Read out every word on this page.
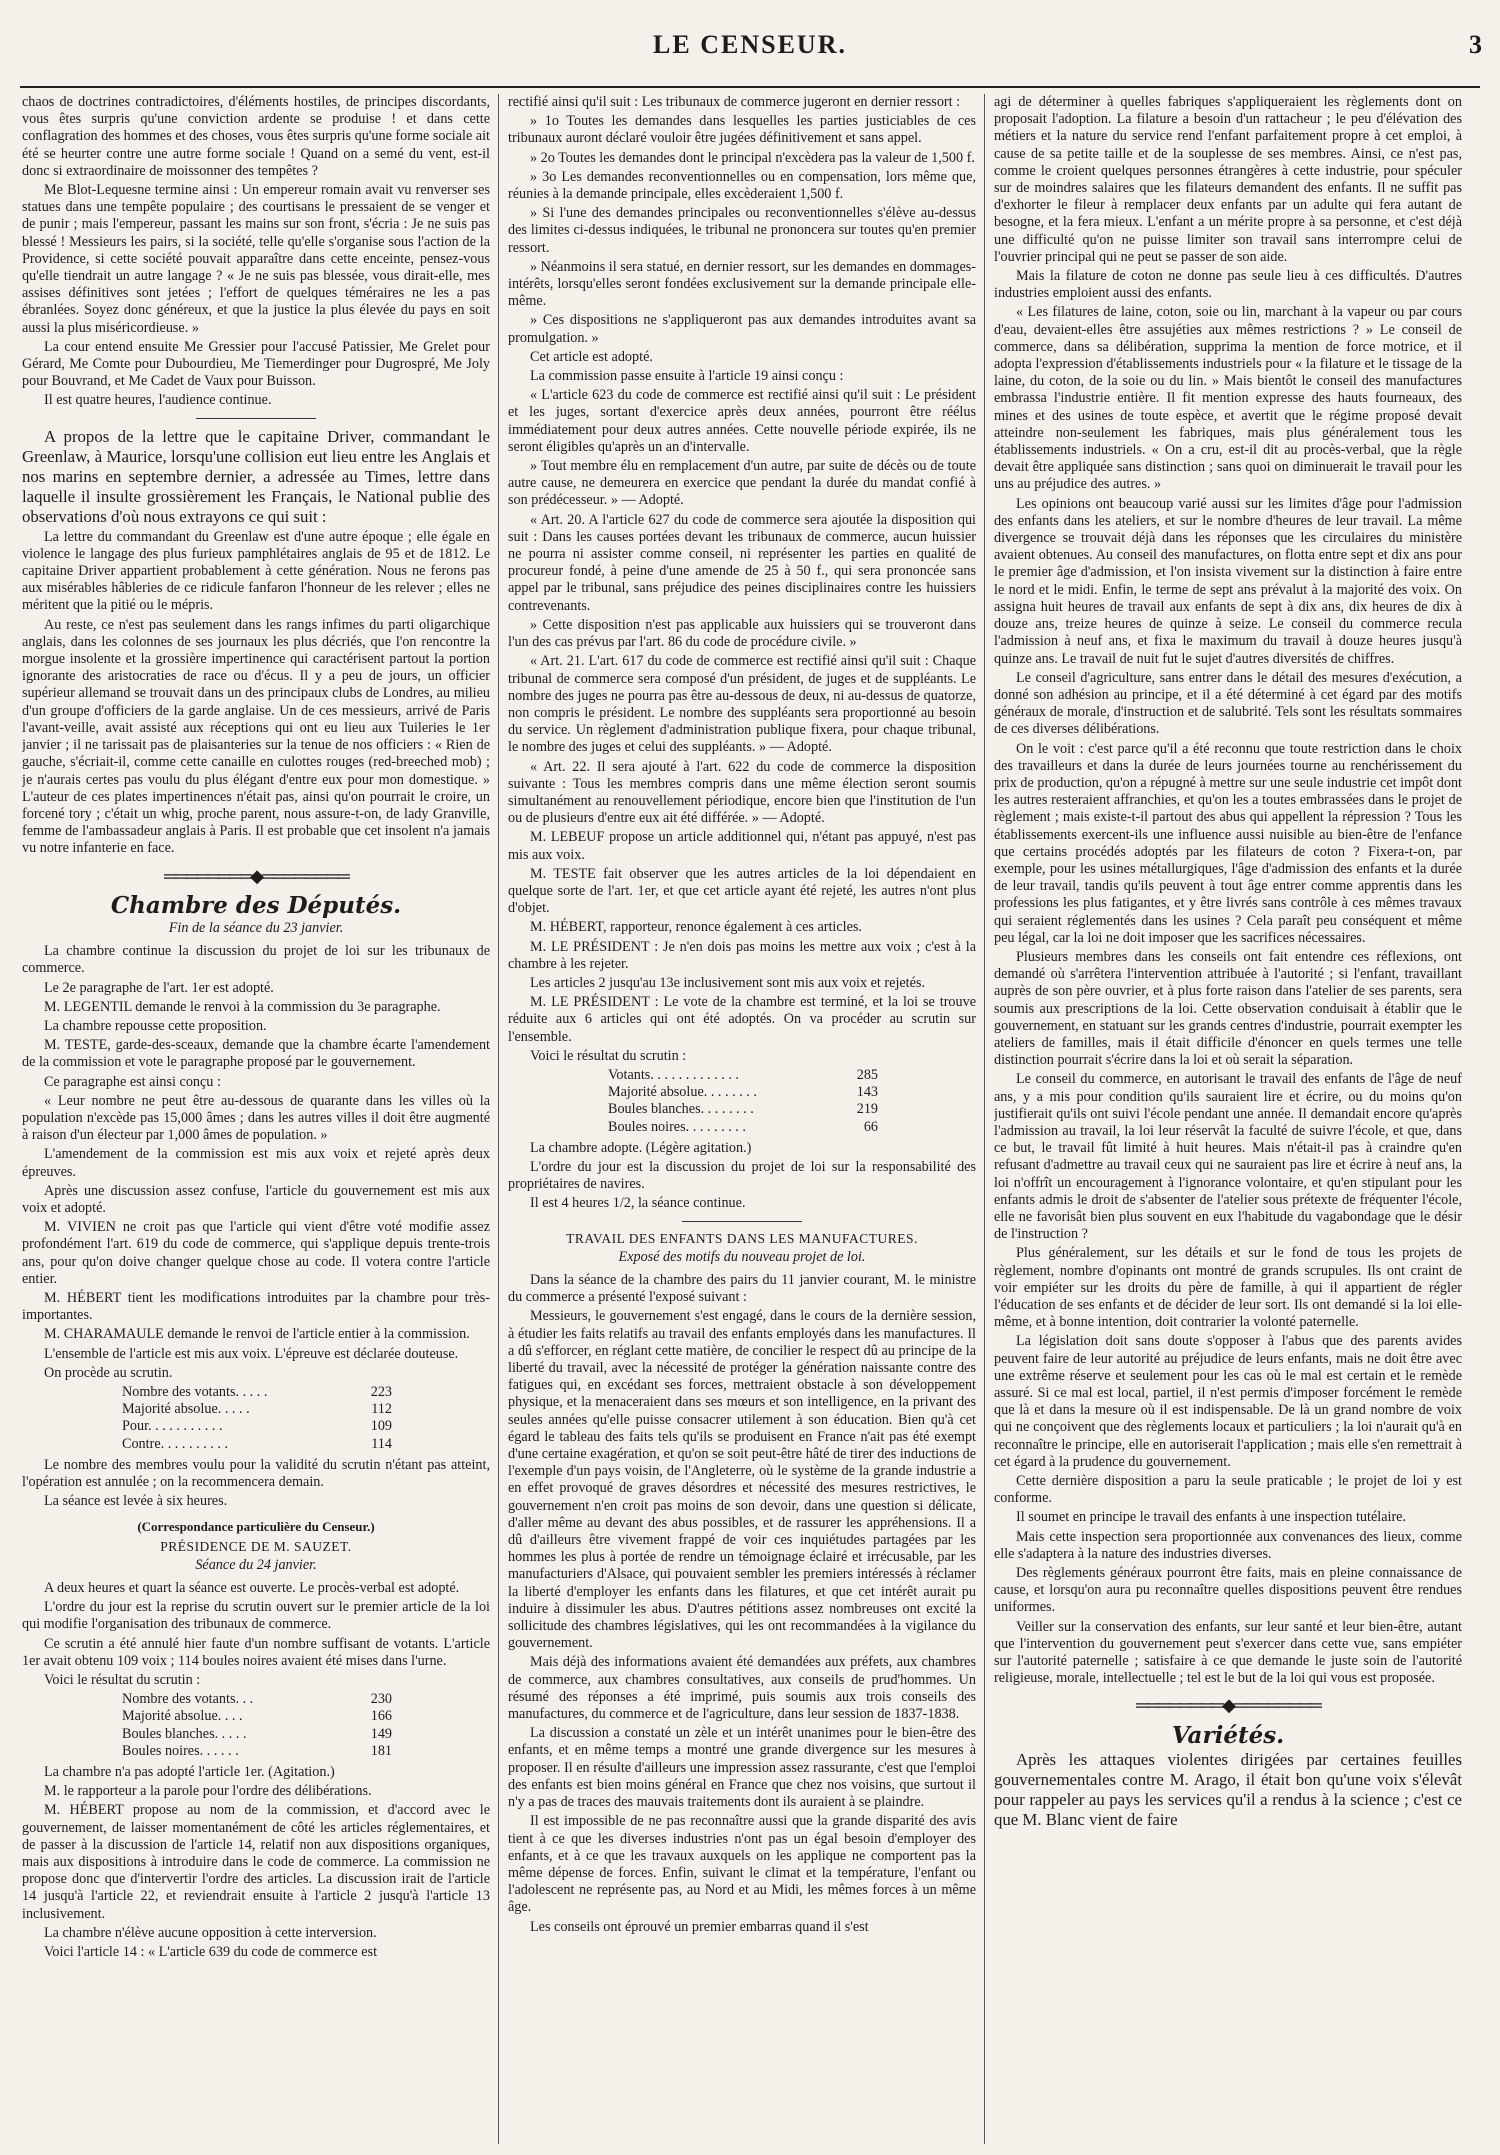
LE CENSEUR.	3

chaos de doctrines contradictoires, d'éléments hostiles, de principes discordants, vous êtes surpris qu'une conviction ardente se produise ! et dans cette conflagration des hommes et des choses, vous êtes surpris qu'une forme sociale ait été se heurter contre une autre forme sociale ! Quand on a semé du vent, est-il donc si extraordinaire de moissonner des tempêtes ?

Me Blot-Lequesne termine ainsi : Un empereur romain avait vu renverser ses statues dans une tempête populaire ; des courtisans le pressaient de se venger et de punir ; mais l'empereur, passant les mains sur son front, s'écria : Je ne suis pas blessé ! Messieurs les pairs, si la société, telle qu'elle s'organise sous l'action de la Providence, si cette société pouvait apparaître dans cette enceinte, pensez-vous qu'elle tiendrait un autre langage ? « Je ne suis pas blessée, vous dirait-elle, mes assises définitives sont jetées ; l'effort de quelques téméraires ne les a pas ébranlées. Soyez donc généreux, et que la justice la plus élevée du pays en soit aussi la plus miséricordieuse. »

La cour entend ensuite Me Gressier pour l'accusé Patissier, Me Grelet pour Gérard, Me Comte pour Dubourdieu, Me Tiemerdinger pour Dugrospré, Me Joly pour Bouvrand, et Me Cadet de Vaux pour Buisson.

Il est quatre heures, l'audience continue.

A propos de la lettre que le capitaine Driver, commandant le Greenlaw, à Maurice, lorsqu'une collision eut lieu entre les Anglais et nos marins en septembre dernier, a adressée au Times, lettre dans laquelle il insulte grossièrement les Français, le National publie des observations d'où nous extrayons ce qui suit :

La lettre du commandant du Greenlaw est d'une autre époque ; elle égale en violence le langage des plus furieux pamphlétaires anglais de 95 et de 1812. Le capitaine Driver appartient probablement à cette génération. Nous ne ferons pas aux misérables hâbleries de ce ridicule fanfaron l'honneur de les relever ; elles ne méritent que la pitié ou le mépris.

Au reste, ce n'est pas seulement dans les rangs infimes du parti oligarchique anglais, dans les colonnes de ses journaux les plus décriés, que l'on rencontre la morgue insolente et la grossière impertinence qui caractérisent partout la portion ignorante des aristocraties de race ou d'écus. Il y a peu de jours, un officier supérieur allemand se trouvait dans un des principaux clubs de Londres, au milieu d'un groupe d'officiers de la garde anglaise. Un de ces messieurs, arrivé de Paris l'avant-veille, avait assisté aux réceptions qui ont eu lieu aux Tuileries le 1er janvier ; il ne tarissait pas de plaisanteries sur la tenue de nos officiers : « Rien de gauche, s'écriait-il, comme cette canaille en culottes rouges (red-breeched mob) ; je n'aurais certes pas voulu du plus élégant d'entre eux pour mon domestique. » L'auteur de ces plates impertinences n'était pas, ainsi qu'on pourrait le croire, un forcené tory ; c'était un whig, proche parent, nous assure-t-on, de lady Granville, femme de l'ambassadeur anglais à Paris. Il est probable que cet insolent n'a jamais vu notre infanterie en face.

════════◆════════
Chambre des Députés.
Fin de la séance du 23 janvier.

La chambre continue la discussion du projet de loi sur les tribunaux de commerce.

Le 2e paragraphe de l'art. 1er est adopté.

M. LEGENTIL demande le renvoi à la commission du 3e paragraphe.

La chambre repousse cette proposition.

M. TESTE, garde-des-sceaux, demande que la chambre écarte l'amendement de la commission et vote le paragraphe proposé par le gouvernement.

Ce paragraphe est ainsi conçu :

« Leur nombre ne peut être au-dessous de quarante dans les villes où la population n'excède pas 15,000 âmes ; dans les autres villes il doit être augmenté à raison d'un électeur par 1,000 âmes de population. »

L'amendement de la commission est mis aux voix et rejeté après deux épreuves.

Après une discussion assez confuse, l'article du gouvernement est mis aux voix et adopté.

M. VIVIEN ne croit pas que l'article qui vient d'être voté modifie assez profondément l'art. 619 du code de commerce, qui s'applique depuis trente-trois ans, pour qu'on doive changer quelque chose au code. Il votera contre l'article entier.

M. HÉBERT tient les modifications introduites par la chambre pour très-importantes.

M. CHARAMAULE demande le renvoi de l'article entier à la commission.

L'ensemble de l'article est mis aux voix. L'épreuve est déclarée douteuse.

On procède au scrutin.

Nombre des votants. . . . .	223
Majorité absolue. . . . .	112
Pour. . . . . . . . . . .	109
Contre. . . . . . . . . .	114

Le nombre des membres voulu pour la validité du scrutin n'étant pas atteint, l'opération est annulée ; on la recommencera demain.

La séance est levée à six heures.

(Correspondance particulière du Censeur.)
PRÉSIDENCE DE M. SAUZET.
Séance du 24 janvier.

A deux heures et quart la séance est ouverte. Le procès-verbal est adopté.

L'ordre du jour est la reprise du scrutin ouvert sur le premier article de la loi qui modifie l'organisation des tribunaux de commerce.

Ce scrutin a été annulé hier faute d'un nombre suffisant de votants. L'article 1er avait obtenu 109 voix ; 114 boules noires avaient été mises dans l'urne.

Voici le résultat du scrutin :

Nombre des votants. . .	230
Majorité absolue. . . .	166
Boules blanches. . . . .	149
Boules noires. . . . . .	181

La chambre n'a pas adopté l'article 1er. (Agitation.)

M. le rapporteur a la parole pour l'ordre des délibérations.

M. HÉBERT propose au nom de la commission, et d'accord avec le gouvernement, de laisser momentanément de côté les articles réglementaires, et de passer à la discussion de l'article 14, relatif non aux dispositions organiques, mais aux dispositions à introduire dans le code de commerce. La commission ne propose donc que d'intervertir l'ordre des articles. La discussion irait de l'article 14 jusqu'à l'article 22, et reviendrait ensuite à l'article 2 jusqu'à l'article 13 inclusivement.

La chambre n'élève aucune opposition à cette interversion.

Voici l'article 14 : « L'article 639 du code de commerce est

rectifié ainsi qu'il suit : Les tribunaux de commerce jugeront en dernier ressort :

» 1o Toutes les demandes dans lesquelles les parties justiciables de ces tribunaux auront déclaré vouloir être jugées définitivement et sans appel.

» 2o Toutes les demandes dont le principal n'excèdera pas la valeur de 1,500 f.

» 3o Les demandes reconventionnelles ou en compensation, lors même que, réunies à la demande principale, elles excèderaient 1,500 f.

» Si l'une des demandes principales ou reconventionnelles s'élève au-dessus des limites ci-dessus indiquées, le tribunal ne prononcera sur toutes qu'en premier ressort.

» Néanmoins il sera statué, en dernier ressort, sur les demandes en dommages-intérêts, lorsqu'elles seront fondées exclusivement sur la demande principale elle-même.

» Ces dispositions ne s'appliqueront pas aux demandes introduites avant sa promulgation. »

Cet article est adopté.

La commission passe ensuite à l'article 19 ainsi conçu :

« L'article 623 du code de commerce est rectifié ainsi qu'il suit : Le président et les juges, sortant d'exercice après deux années, pourront être réélus immédiatement pour deux autres années. Cette nouvelle période expirée, ils ne seront éligibles qu'après un an d'intervalle.

» Tout membre élu en remplacement d'un autre, par suite de décès ou de toute autre cause, ne demeurera en exercice que pendant la durée du mandat confié à son prédécesseur. » — Adopté.

« Art. 20. A l'article 627 du code de commerce sera ajoutée la disposition qui suit : Dans les causes portées devant les tribunaux de commerce, aucun huissier ne pourra ni assister comme conseil, ni représenter les parties en qualité de procureur fondé, à peine d'une amende de 25 à 50 f., qui sera prononcée sans appel par le tribunal, sans préjudice des peines disciplinaires contre les huissiers contrevenants.

» Cette disposition n'est pas applicable aux huissiers qui se trouveront dans l'un des cas prévus par l'art. 86 du code de procédure civile. »

« Art. 21. L'art. 617 du code de commerce est rectifié ainsi qu'il suit : Chaque tribunal de commerce sera composé d'un président, de juges et de suppléants. Le nombre des juges ne pourra pas être au-dessous de deux, ni au-dessus de quatorze, non compris le président. Le nombre des suppléants sera proportionné au besoin du service. Un règlement d'administration publique fixera, pour chaque tribunal, le nombre des juges et celui des suppléants. » — Adopté.

« Art. 22. Il sera ajouté à l'art. 622 du code de commerce la disposition suivante : Tous les membres compris dans une même élection seront soumis simultanément au renouvellement périodique, encore bien que l'institution de l'un ou de plusieurs d'entre eux ait été différée. » — Adopté.

M. LEBEUF propose un article additionnel qui, n'étant pas appuyé, n'est pas mis aux voix.

M. TESTE fait observer que les autres articles de la loi dépendaient en quelque sorte de l'art. 1er, et que cet article ayant été rejeté, les autres n'ont plus d'objet.

M. HÉBERT, rapporteur, renonce également à ces articles.

M. LE PRÉSIDENT : Je n'en dois pas moins les mettre aux voix ; c'est à la chambre à les rejeter.

Les articles 2 jusqu'au 13e inclusivement sont mis aux voix et rejetés.

M. LE PRÉSIDENT : Le vote de la chambre est terminé, et la loi se trouve réduite aux 6 articles qui ont été adoptés. On va procéder au scrutin sur l'ensemble.

Voici le résultat du scrutin :

Votants. . . . . . . . . . . . .	285
Majorité absolue. . . . . . . .	143
Boules blanches. . . . . . . .	219
Boules noires. . . . . . . . .	66

La chambre adopte. (Légère agitation.)

L'ordre du jour est la discussion du projet de loi sur la responsabilité des propriétaires de navires.

Il est 4 heures 1/2, la séance continue.

TRAVAIL DES ENFANTS DANS LES MANUFACTURES.
Exposé des motifs du nouveau projet de loi.

Dans la séance de la chambre des pairs du 11 janvier courant, M. le ministre du commerce a présenté l'exposé suivant :

Messieurs, le gouvernement s'est engagé, dans le cours de la dernière session, à étudier les faits relatifs au travail des enfants employés dans les manufactures. Il a dû s'efforcer, en réglant cette matière, de concilier le respect dû au principe de la liberté du travail, avec la nécessité de protéger la génération naissante contre des fatigues qui, en excédant ses forces, mettraient obstacle à son développement physique, et la menaceraient dans ses mœurs et son intelligence, en la privant des seules années qu'elle puisse consacrer utilement à son éducation. Bien qu'à cet égard le tableau des faits tels qu'ils se produisent en France n'ait pas été exempt d'une certaine exagération, et qu'on se soit peut-être hâté de tirer des inductions de l'exemple d'un pays voisin, de l'Angleterre, où le système de la grande industrie a en effet provoqué de graves désordres et nécessité des mesures restrictives, le gouvernement n'en croit pas moins de son devoir, dans une question si délicate, d'aller même au devant des abus possibles, et de rassurer les appréhensions. Il a dû d'ailleurs être vivement frappé de voir ces inquiétudes partagées par les hommes les plus à portée de rendre un témoignage éclairé et irrécusable, par les manufacturiers d'Alsace, qui pouvaient sembler les premiers intéressés à réclamer la liberté d'employer les enfants dans les filatures, et que cet intérêt aurait pu induire à dissimuler les abus. D'autres pétitions assez nombreuses ont excité la sollicitude des chambres législatives, qui les ont recommandées à la vigilance du gouvernement.

Mais déjà des informations avaient été demandées aux préfets, aux chambres de commerce, aux chambres consultatives, aux conseils de prud'hommes. Un résumé des réponses a été imprimé, puis soumis aux trois conseils des manufactures, du commerce et de l'agriculture, dans leur session de 1837-1838.

La discussion a constaté un zèle et un intérêt unanimes pour le bien-être des enfants, et en même temps a montré une grande divergence sur les mesures à proposer. Il en résulte d'ailleurs une impression assez rassurante, c'est que l'emploi des enfants est bien moins général en France que chez nos voisins, que surtout il n'y a pas de traces des mauvais traitements dont ils auraient à se plaindre.

Il est impossible de ne pas reconnaître aussi que la grande disparité des avis tient à ce que les diverses industries n'ont pas un égal besoin d'employer des enfants, et à ce que les travaux auxquels on les applique ne comportent pas la même dépense de forces. Enfin, suivant le climat et la température, l'enfant ou l'adolescent ne représente pas, au Nord et au Midi, les mêmes forces à un même âge.

Les conseils ont éprouvé un premier embarras quand il s'est

agi de déterminer à quelles fabriques s'appliqueraient les règlements dont on proposait l'adoption. La filature a besoin d'un rattacheur ; le peu d'élévation des métiers et la nature du service rend l'enfant parfaitement propre à cet emploi, à cause de sa petite taille et de la souplesse de ses membres. Ainsi, ce n'est pas, comme le croient quelques personnes étrangères à cette industrie, pour spéculer sur de moindres salaires que les filateurs demandent des enfants. Il ne suffit pas d'exhorter le fileur à remplacer deux enfants par un adulte qui fera autant de besogne, et la fera mieux. L'enfant a un mérite propre à sa personne, et c'est déjà une difficulté qu'on ne puisse limiter son travail sans interrompre celui de l'ouvrier principal qui ne peut se passer de son aide.

Mais la filature de coton ne donne pas seule lieu à ces difficultés. D'autres industries emploient aussi des enfants.

« Les filatures de laine, coton, soie ou lin, marchant à la vapeur ou par cours d'eau, devaient-elles être assujéties aux mêmes restrictions ? » Le conseil de commerce, dans sa délibération, supprima la mention de force motrice, et il adopta l'expression d'établissements industriels pour « la filature et le tissage de la laine, du coton, de la soie ou du lin. » Mais bientôt le conseil des manufactures embrassa l'industrie entière. Il fit mention expresse des hauts fourneaux, des mines et des usines de toute espèce, et avertit que le régime proposé devait atteindre non-seulement les fabriques, mais plus généralement tous les établissements industriels. « On a cru, est-il dit au procès-verbal, que la règle devait être appliquée sans distinction ; sans quoi on diminuerait le travail pour les uns au préjudice des autres. »

Les opinions ont beaucoup varié aussi sur les limites d'âge pour l'admission des enfants dans les ateliers, et sur le nombre d'heures de leur travail. La même divergence se trouvait déjà dans les réponses que les circulaires du ministère avaient obtenues. Au conseil des manufactures, on flotta entre sept et dix ans pour le premier âge d'admission, et l'on insista vivement sur la distinction à faire entre le nord et le midi. Enfin, le terme de sept ans prévalut à la majorité des voix. On assigna huit heures de travail aux enfants de sept à dix ans, dix heures de dix à douze ans, treize heures de quinze à seize. Le conseil du commerce recula l'admission à neuf ans, et fixa le maximum du travail à douze heures jusqu'à quinze ans. Le travail de nuit fut le sujet d'autres diversités de chiffres.

Le conseil d'agriculture, sans entrer dans le détail des mesures d'exécution, a donné son adhésion au principe, et il a été déterminé à cet égard par des motifs généraux de morale, d'instruction et de salubrité. Tels sont les résultats sommaires de ces diverses délibérations.

On le voit : c'est parce qu'il a été reconnu que toute restriction dans le choix des travailleurs et dans la durée de leurs journées tourne au renchérissement du prix de production, qu'on a répugné à mettre sur une seule industrie cet impôt dont les autres resteraient affranchies, et qu'on les a toutes embrassées dans le projet de règlement ; mais existe-t-il partout des abus qui appellent la répression ? Tous les établissements exercent-ils une influence aussi nuisible au bien-être de l'enfance que certains procédés adoptés par les filateurs de coton ? Fixera-t-on, par exemple, pour les usines métallurgiques, l'âge d'admission des enfants et la durée de leur travail, tandis qu'ils peuvent à tout âge entrer comme apprentis dans les professions les plus fatigantes, et y être livrés sans contrôle à ces mêmes travaux qui seraient réglementés dans les usines ? Cela paraît peu conséquent et même peu légal, car la loi ne doit imposer que les sacrifices nécessaires.

Plusieurs membres dans les conseils ont fait entendre ces réflexions, ont demandé où s'arrêtera l'intervention attribuée à l'autorité ; si l'enfant, travaillant auprès de son père ouvrier, et à plus forte raison dans l'atelier de ses parents, sera soumis aux prescriptions de la loi. Cette observation conduisait à établir que le gouvernement, en statuant sur les grands centres d'industrie, pourrait exempter les ateliers de familles, mais il était difficile d'énoncer en quels termes une telle distinction pourrait s'écrire dans la loi et où serait la séparation.

Le conseil du commerce, en autorisant le travail des enfants de l'âge de neuf ans, y a mis pour condition qu'ils sauraient lire et écrire, ou du moins qu'on justifierait qu'ils ont suivi l'école pendant une année. Il demandait encore qu'après l'admission au travail, la loi leur réservât la faculté de suivre l'école, et que, dans ce but, le travail fût limité à huit heures. Mais n'était-il pas à craindre qu'en refusant d'admettre au travail ceux qui ne sauraient pas lire et écrire à neuf ans, la loi n'offrît un encouragement à l'ignorance volontaire, et qu'en stipulant pour les enfants admis le droit de s'absenter de l'atelier sous prétexte de fréquenter l'école, elle ne favorisât bien plus souvent en eux l'habitude du vagabondage que le désir de l'instruction ?

Plus généralement, sur les détails et sur le fond de tous les projets de règlement, nombre d'opinants ont montré de grands scrupules. Ils ont craint de voir empiéter sur les droits du père de famille, à qui il appartient de régler l'éducation de ses enfants et de décider de leur sort. Ils ont demandé si la loi elle-même, et à bonne intention, doit contrarier la volonté paternelle.

La législation doit sans doute s'opposer à l'abus que des parents avides peuvent faire de leur autorité au préjudice de leurs enfants, mais ne doit être avec une extrême réserve et seulement pour les cas où le mal est certain et le remède assuré. Si ce mal est local, partiel, il n'est permis d'imposer forcément le remède que là et dans la mesure où il est indispensable. De là un grand nombre de voix qui ne conçoivent que des règlements locaux et particuliers ; la loi n'aurait qu'à en reconnaître le principe, elle en autoriserait l'application ; mais elle s'en remettrait à cet égard à la prudence du gouvernement.

Cette dernière disposition a paru la seule praticable ; le projet de loi y est conforme.

Il soumet en principe le travail des enfants à une inspection tutélaire.

Mais cette inspection sera proportionnée aux convenances des lieux, comme elle s'adaptera à la nature des industries diverses.

Des règlements généraux pourront être faits, mais en pleine connaissance de cause, et lorsqu'on aura pu reconnaître quelles dispositions peuvent être rendues uniformes.

Veiller sur la conservation des enfants, sur leur santé et leur bien-être, autant que l'intervention du gouvernement peut s'exercer dans cette vue, sans empiéter sur l'autorité paternelle ; satisfaire à ce que demande le juste soin de l'autorité religieuse, morale, intellectuelle ; tel est le but de la loi qui vous est proposée.

════════◆════════
Variétés.

Après les attaques violentes dirigées par certaines feuilles gouvernementales contre M. Arago, il était bon qu'une voix s'élevât pour rappeler au pays les services qu'il a rendus à la science ; c'est ce que M. Blanc vient de faire
